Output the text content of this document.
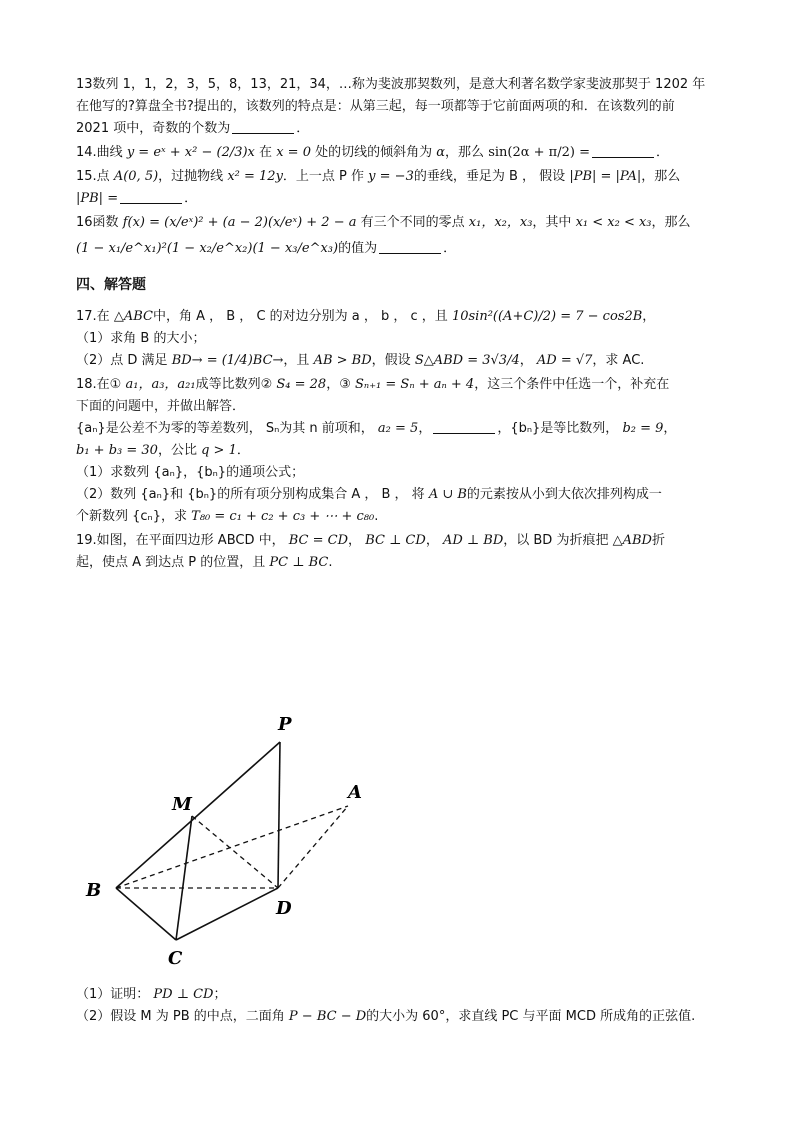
13数列 1，1，2，3，5，8，13，21，34，…称为斐波那契数列，是意大利著名数学家斐波那契于 1202 年
在他写的?算盘全书?提出的，该数列的特点是：从第三起，每一项都等于它前面两项的和．在该数列的前
2021 项中，奇数的个数为	．
14.曲线 y = eˣ + x² − (2/3)x 在 x = 0 处的切线的倾斜角为 α，那么 sin(2α + π/2) =	．
15.点 A(0, 5)，过抛物线 x² = 12y．上一点 P 作 y = −3的垂线，垂足为 B ， 假设 |PB| = |PA|，那么
|PB| =	．
16函数 f(x) = (x/eˣ)² + (a − 2)(x/eˣ) + 2 − a 有三个不同的零点 x₁，x₂，x₃，其中 x₁ < x₂ < x₃，那么
(1 − x₁/e^x₁)²(1 − x₂/e^x₂)(1 − x₃/e^x₃)的值为	．
四、解答题
17.在 △ABC中，角 A ， B ， C 的对边分别为 a ， b ， c ，且 10sin²((A+C)/2) = 7 − cos2B，
（1）求角 B 的大小；
（2）点 D 满足 BD→ = (1/4)BC→，且 AB > BD，假设 S△ABD = 3√3/4， AD = √7，求 AC.
18.在① a₁，a₃，a₂₁成等比数列② S₄ = 28，③ Sₙ₊₁ = Sₙ + aₙ + 4，这三个条件中任选一个，补充在
下面的问题中，并做出解答．
{aₙ}是公差不为零的等差数列， Sₙ为其 n 前项和， a₂ = 5，	，{bₙ}是等比数列， b₂ = 9，
b₁ + b₃ = 30，公比 q > 1．
（1）求数列 {aₙ}，{bₙ}的通项公式；
（2）数列 {aₙ}和 {bₙ}的所有项分别构成集合 A ， B ， 将 A ∪ B的元素按从小到大依次排列构成一
个新数列 {cₙ}，求 T₈₀ = c₁ + c₂ + c₃ + ⋯ + c₈₀.
19.如图，在平面四边形 ABCD 中， BC = CD， BC ⊥ CD， AD ⊥ BD，以 BD 为折痕把 △ABD折
起，使点 A 到达点 P 的位置，且 PC ⊥ BC.
P
M
A
B
D
C
（1）证明： PD ⊥ CD；
（2）假设 M 为 PB 的中点，二面角 P − BC − D的大小为 60°，求直线 PC 与平面 MCD 所成角的正弦值.
